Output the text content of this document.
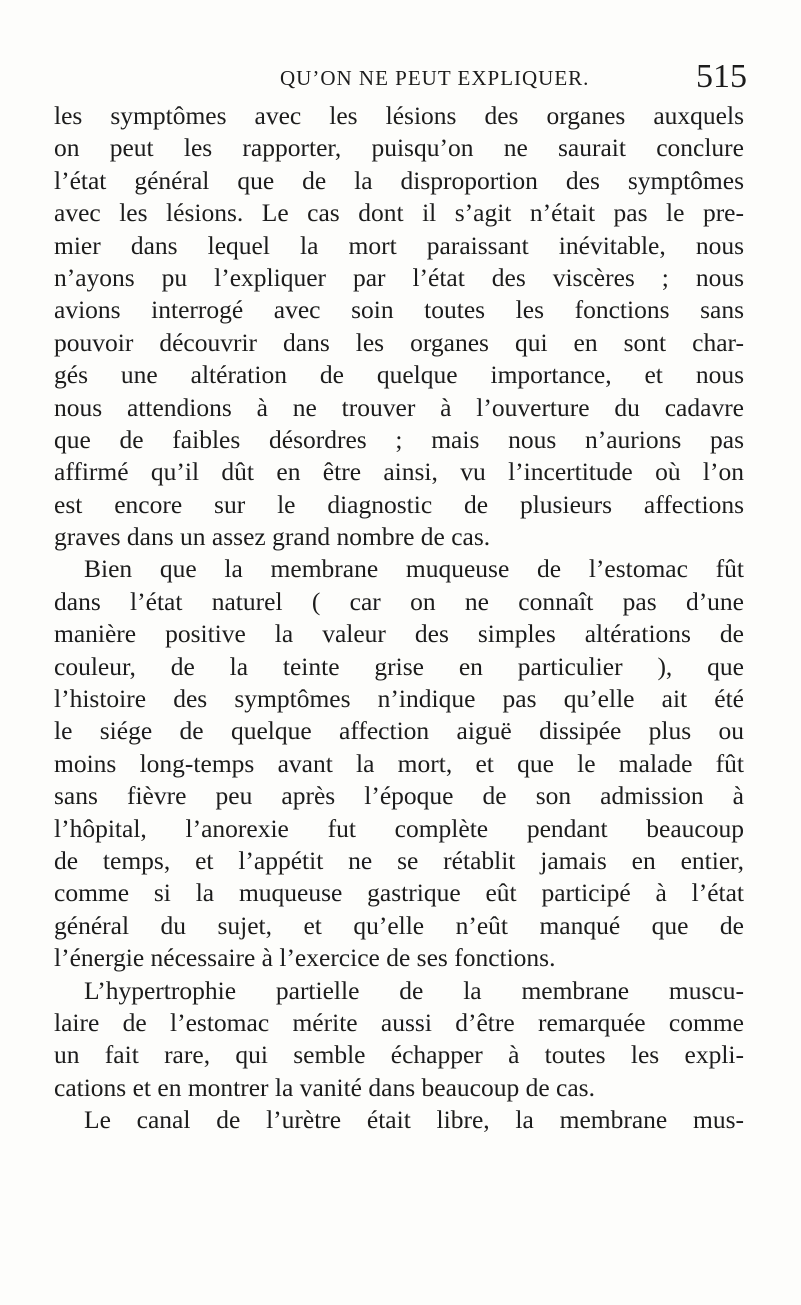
QU’ON NE PEUT EXPLIQUER.	515
les symptômes avec les lésions des organes auxquels
on peut les rapporter, puisqu’on ne saurait conclure
l’état général que de la disproportion des symptômes
avec les lésions. Le cas dont il s’agit n’était pas le pre-
mier dans lequel la mort paraissant inévitable, nous
n’ayons pu l’expliquer par l’état des viscères ; nous
avions interrogé avec soin toutes les fonctions sans
pouvoir découvrir dans les organes qui en sont char-
gés une altération de quelque importance, et nous
nous attendions à ne trouver à l’ouverture du cadavre
que de faibles désordres ; mais nous n’aurions pas
affirmé qu’il dût en être ainsi, vu l’incertitude où l’on
est encore sur le diagnostic de plusieurs affections
graves dans un assez grand nombre de cas.
Bien que la membrane muqueuse de l’estomac fût
dans l’état naturel ( car on ne connaît pas d’une
manière positive la valeur des simples altérations de
couleur, de la teinte grise en particulier ), que
l’histoire des symptômes n’indique pas qu’elle ait été
le siége de quelque affection aiguë dissipée plus ou
moins long-temps avant la mort, et que le malade fût
sans fièvre peu après l’époque de son admission à
l’hôpital, l’anorexie fut complète pendant beaucoup
de temps, et l’appétit ne se rétablit jamais en entier,
comme si la muqueuse gastrique eût participé à l’état
général du sujet, et qu’elle n’eût manqué que de
l’énergie nécessaire à l’exercice de ses fonctions.
L’hypertrophie partielle de la membrane muscu-
laire de l’estomac mérite aussi d’être remarquée comme
un fait rare, qui semble échapper à toutes les expli-
cations et en montrer la vanité dans beaucoup de cas.
Le canal de l’urètre était libre, la membrane mus-
